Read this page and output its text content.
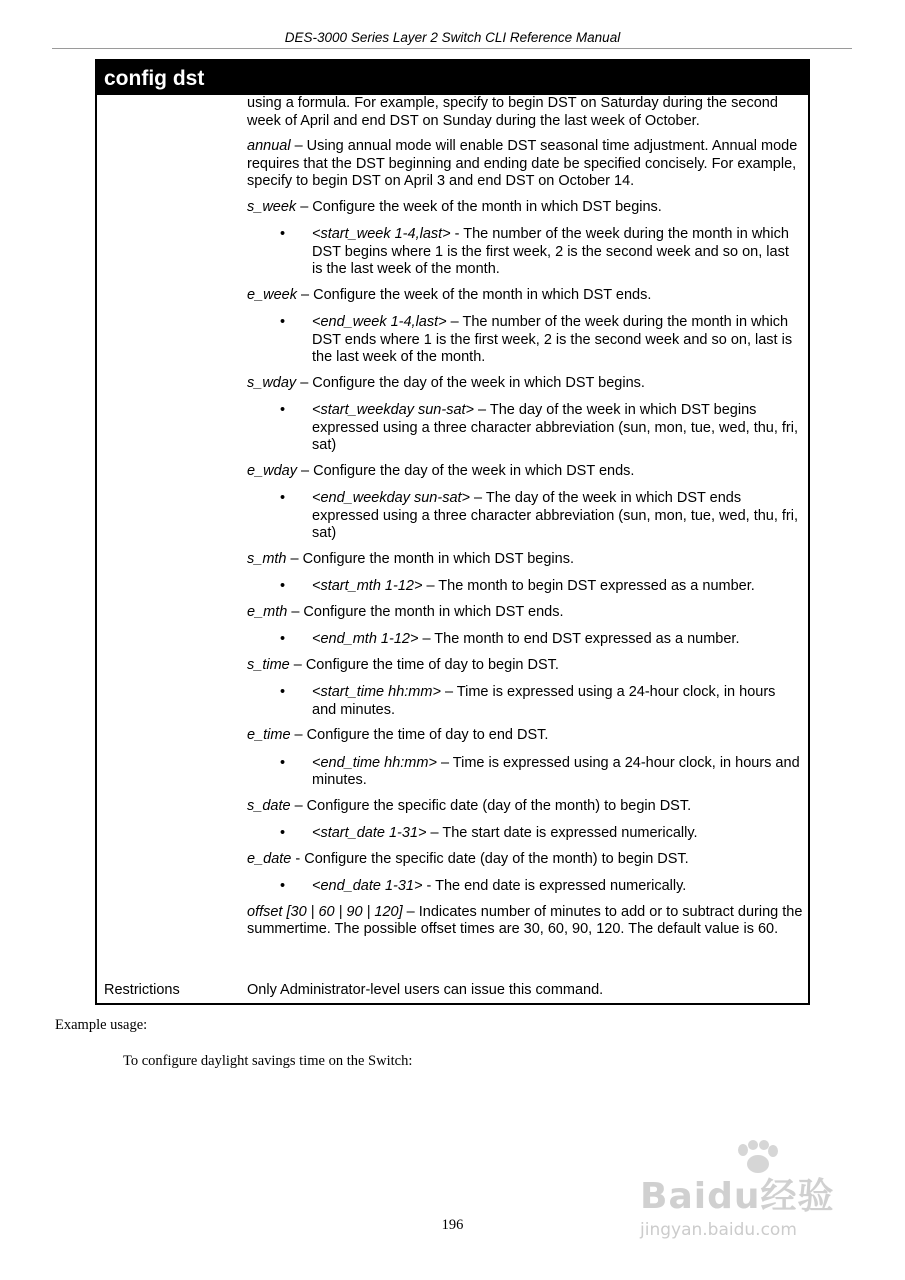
DES-3000 Series Layer 2 Switch CLI Reference Manual
config dst
using a formula. For example, specify to begin DST on Saturday during the second week of April and end DST on Sunday during the last week of October.
annual – Using annual mode will enable DST seasonal time adjustment. Annual mode requires that the DST beginning and ending date be specified concisely. For example, specify to begin DST on April 3 and end DST on October 14.
s_week – Configure the week of the month in which DST begins.
• <start_week 1-4,last> - The number of the week during the month in which DST begins where 1 is the first week, 2 is the second week and so on, last is the last week of the month.
e_week – Configure the week of the month in which DST ends.
• <end_week 1-4,last> – The number of the week during the month in which DST ends where 1 is the first week, 2 is the second week and so on, last is the last week of the month.
s_wday – Configure the day of the week in which DST begins.
• <start_weekday sun-sat> – The day of the week in which DST begins expressed using a three character abbreviation (sun, mon, tue, wed, thu, fri, sat)
e_wday – Configure the day of the week in which DST ends.
• <end_weekday sun-sat> – The day of the week in which DST ends expressed using a three character abbreviation (sun, mon, tue, wed, thu, fri, sat)
s_mth – Configure the month in which DST begins.
• <start_mth 1-12> – The month to begin DST expressed as a number.
e_mth – Configure the month in which DST ends.
• <end_mth 1-12> – The month to end DST expressed as a number.
s_time – Configure the time of day to begin DST.
• <start_time hh:mm> – Time is expressed using a 24-hour clock, in hours and minutes.
e_time – Configure the time of day to end DST.
• <end_time hh:mm> – Time is expressed using a 24-hour clock, in hours and minutes.
s_date – Configure the specific date (day of the month) to begin DST.
• <start_date 1-31> – The start date is expressed numerically.
e_date - Configure the specific date (day of the month) to begin DST.
• <end_date 1-31> - The end date is expressed numerically.
offset [30 | 60 | 90 | 120] – Indicates number of minutes to add or to subtract during the summertime. The possible offset times are 30, 60, 90, 120. The default value is 60.
Restrictions	Only Administrator-level users can issue this command.
Example usage:
To configure daylight savings time on the Switch:
196
Baidu经验
jingyan.baidu.com
